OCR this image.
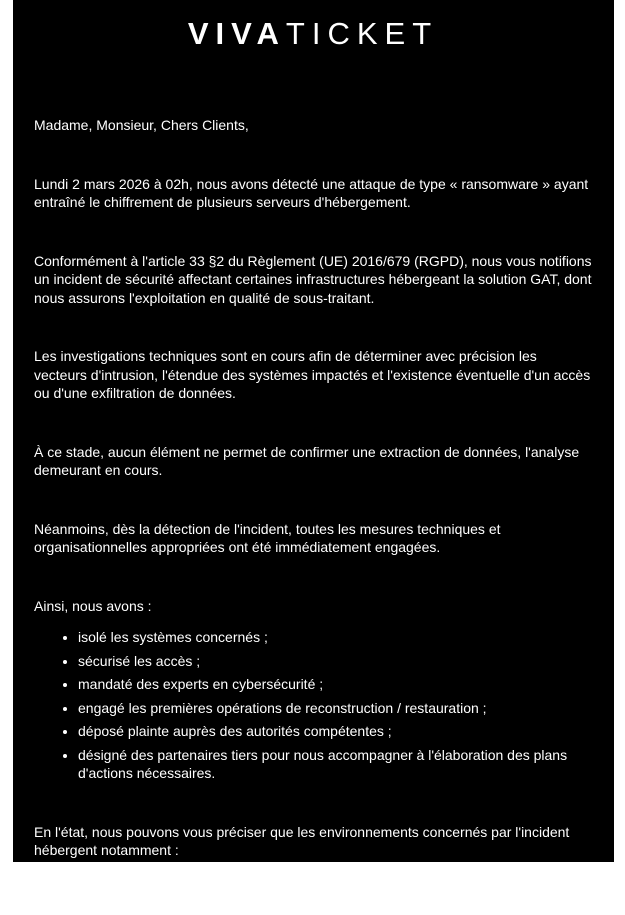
VIVATICKET

Madame, Monsieur, Chers Clients,

Lundi 2 mars 2026 à 02h, nous avons détecté une attaque de type « ransomware » ayant entraîné le chiffrement de plusieurs serveurs d'hébergement.

Conformément à l'article 33 §2 du Règlement (UE) 2016/679 (RGPD), nous vous notifions un incident de sécurité affectant certaines infrastructures hébergeant la solution GAT, dont nous assurons l'exploitation en qualité de sous-traitant.

Les investigations techniques sont en cours afin de déterminer avec précision les vecteurs d'intrusion, l'étendue des systèmes impactés et l'existence éventuelle d'un accès ou d'une exfiltration de données.

À ce stade, aucun élément ne permet de confirmer une extraction de données, l'analyse demeurant en cours.

Néanmoins, dès la détection de l'incident, toutes les mesures techniques et organisationnelles appropriées ont été immédiatement engagées.

Ainsi, nous avons :

• isolé les systèmes concernés ;
• sécurisé les accès ;
• mandaté des experts en cybersécurité ;
• engagé les premières opérations de reconstruction / restauration ;
• déposé plainte auprès des autorités compétentes ;
• désigné des partenaires tiers pour nous accompagner à l'élaboration des plans d'actions nécessaires.

En l'état, nous pouvons vous préciser que les environnements concernés par l'incident hébergent notamment :

• des données d'identification (nom, prénom, adresse email),
• des données relatives aux comptes utilisateurs de la solution GAT,
